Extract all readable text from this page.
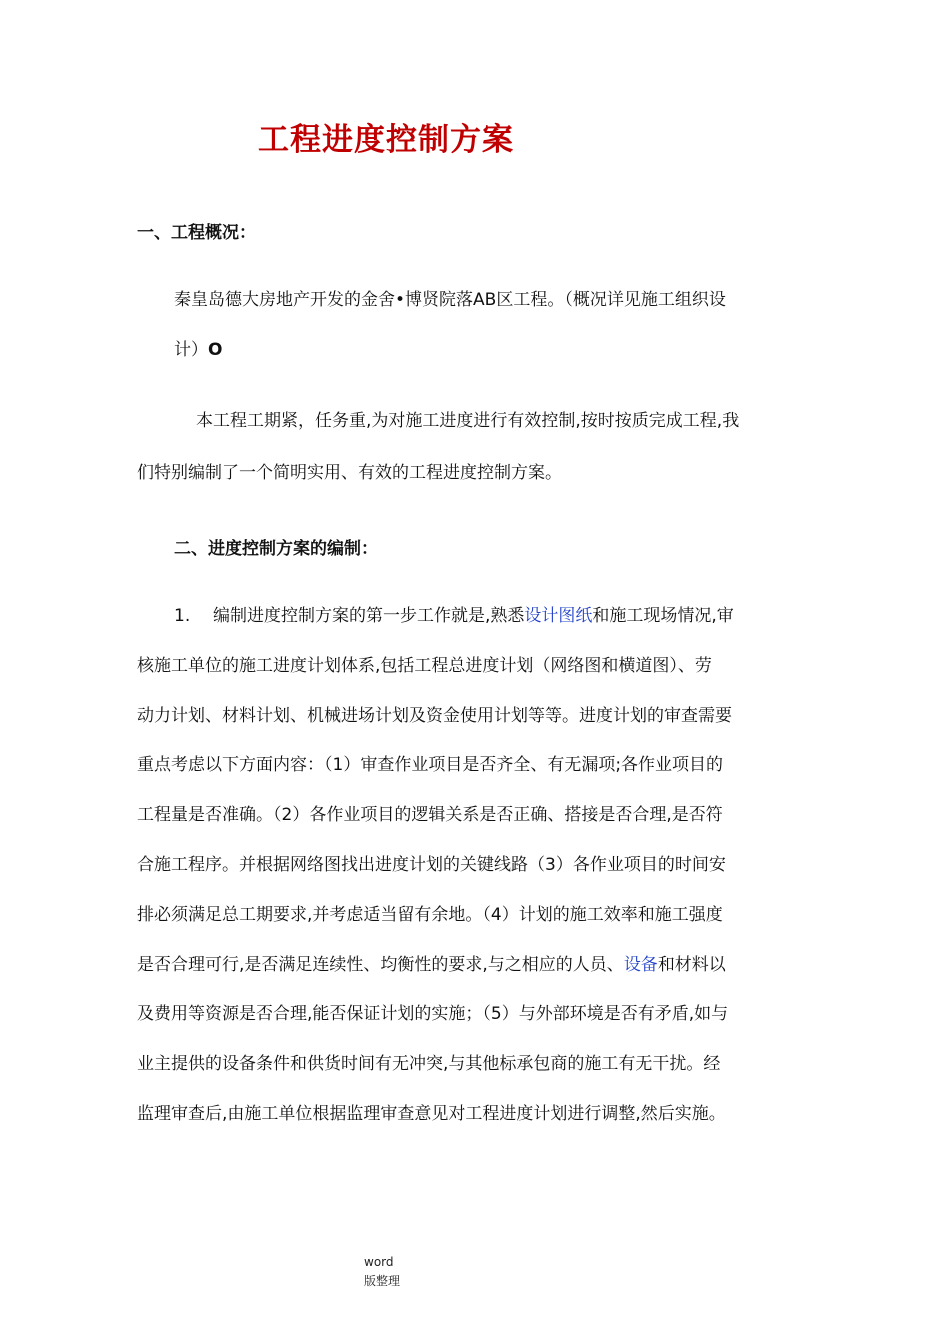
工程进度控制方案
一、工程概况：
秦皇岛德大房地产开发的金舍•博贤院落AB区工程。（概况详见施工组织设
计）O
本工程工期紧，任务重,为对施工进度进行有效控制,按时按质完成工程,我
们特别编制了一个简明实用、有效的工程进度控制方案。
二、进度控制方案的编制：
1. 编制进度控制方案的第一步工作就是,熟悉设计图纸和施工现场情况,审
核施工单位的施工进度计划体系,包括工程总进度计划（网络图和横道图）、劳
动力计划、材料计划、机械进场计划及资金使用计划等等。进度计划的审查需要
重点考虑以下方面内容：（1）审查作业项目是否齐全、有无漏项;各作业项目的
工程量是否准确。（2）各作业项目的逻辑关系是否正确、搭接是否合理,是否符
合施工程序。并根据网络图找出进度计划的关键线路（3）各作业项目的时间安
排必须满足总工期要求,并考虑适当留有余地。（4）计划的施工效率和施工强度
是否合理可行,是否满足连续性、均衡性的要求,与之相应的人员、设备和材料以
及费用等资源是否合理,能否保证计划的实施；（5）与外部环境是否有矛盾,如与
业主提供的设备条件和供货时间有无冲突,与其他标承包商的施工有无干扰。经
监理审查后,由施工单位根据监理审查意见对工程进度计划进行调整,然后实施。
word
版整理
